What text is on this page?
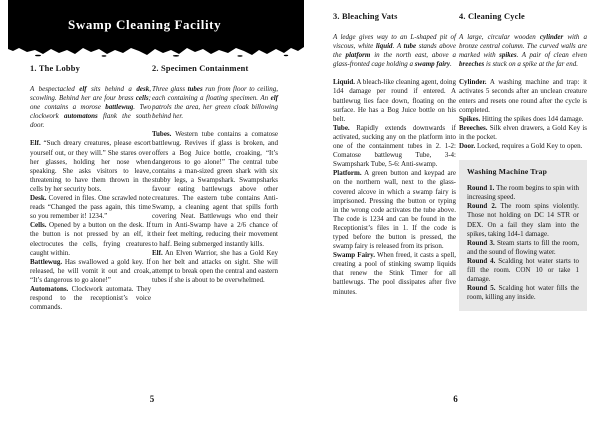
Swamp Cleaning Facility
1. The Lobby

A bespectacled elf sits behind a desk, scowling. Behind her are four brass cells; one contains a morose battlewug. Two clockwork automatons flank the south door.

Elf. “Such dreary creatures, please escort yourself out, or they will.” She stares over her glasses, holding her nose when speaking. She asks visitors to leave, threatening to have them thrown in the cells by her security bots.

Desk. Covered in files. One scrawled note reads “Changed the pass again, this time so you remember it! 1234.”

Cells. Opened by a button on the desk. If the button is not pressed by an elf, it electrocutes the cells, frying creatures caught within.

Battlewug. Has swallowed a gold key. If released, he will vomit it out and croak, “It’s dangerous to go alone!”

Automatons. Clockwork automata. They respond to the receptionist’s voice commands.

2. Specimen Containment

Three glass tubes run from floor to ceiling, each containing a floating specimen. An elf patrols the area, her green cloak billowing behind her.

Tubes. Western tube contains a comatose battlewug. Revives if glass is broken, and offers a Bog Juice bottle, croaking, “It’s dangerous to go alone!” The central tube contains a man-sized green shark with six stubby legs, a Swampshark. Swampsharks favour eating battlewugs above other creatures. The eastern tube contains Anti-Swamp, a cleaning agent that spills forth covering Neat. Battlewugs who end their turn in Anti-Swamp have a 2/6 chance of their feet melting, reducing their movement to half. Being submerged instantly kills.

Elf. An Elven Warrior, she has a Gold Key on her belt and attacks on sight. She will attempt to break open the central and eastern tubes if she is about to be overwhelmed.

5
3. Bleaching Vats

A ledge gives way to an L-shaped pit of viscous, white liquid. A tube stands above the platform in the north east, above a glass-fronted cage holding a swamp fairy.

Liquid. A bleach-like cleaning agent, doing 1d4 damage per round if entered. A battlewug lies face down, floating on the surface. He has a Bog Juice bottle on his belt.

Tube. Rapidly extends downwards if activated, sucking any on the platform into one of the containment tubes in 2. 1-2: Comatose battlewug Tube, 3-4: Swampshark Tube, 5-6: Anti-swamp.

Platform. A green button and keypad are on the northern wall, next to the glass-covered alcove in which a swamp fairy is imprisoned. Pressing the button or typing in the wrong code activates the tube above. The code is 1234 and can be found in the Receptionist’s files in 1. If the code is typed before the button is pressed, the swamp fairy is released from its prison.

Swamp Fairy. When freed, it casts a spell, creating a pool of stinking swamp liquids that renew the Stink Timer for all battlewugs. The pool dissipates after five minutes.

4. Cleaning Cycle

A large, circular wooden cylinder with a bronze central column. The curved walls are marked with spikes. A pair of clean elven breeches is stuck on a spike at the far end.

Cylinder. A washing machine and trap: it activates 5 seconds after an unclean creature enters and resets one round after the cycle is completed.

Spikes. Hitting the spikes does 1d4 damage.

Breeches. Silk elven drawers, a Gold Key is in the pocket.

Door. Locked, requires a Gold Key to open.

Washing Machine Trap

Round 1. The room begins to spin with increasing speed.

Round 2. The room spins violently. Those not holding on DC 14 STR or DEX. On a fail they slam into the spikes, taking 1d4-1 damage.

Round 3. Steam starts to fill the room, and the sound of flowing water.

Round 4. Scalding hot water starts to fill the room. CON 10 or take 1 damage.

Round 5. Scalding hot water fills the room, killing any inside.

6
